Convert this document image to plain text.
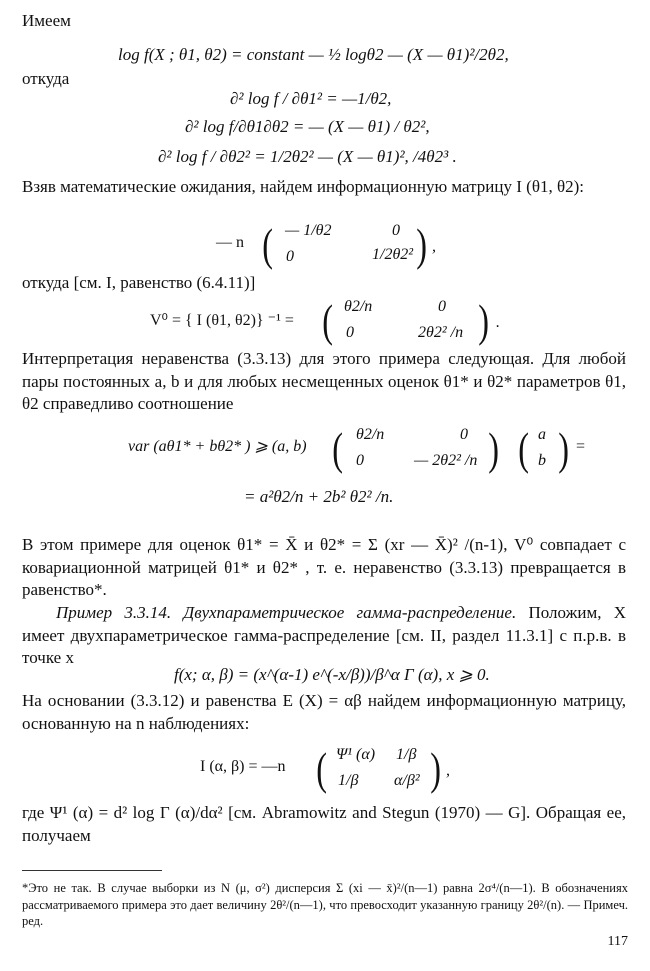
Имеем
log f(X ; θ1, θ2) = constant — ½ logθ2 — (X — θ1)²/2θ2,
откуда
∂² log f / ∂θ1² = —1/θ2,
∂² log f/∂θ1∂θ2 = — (X — θ1) / θ2²,
∂² log f / ∂θ2² = 1/2θ2² — (X — θ1)², /4θ2³ .
Взяв математические ожидания, найдем информационную матрицу I (θ1, θ2):
— n ( — 1/θ2	0
0	1/2θ2² ) ,
откуда [см. I, равенство (6.4.11)]
V⁰ = { I (θ1, θ2)} ⁻¹ = ( θ2/n	0
0	2θ2² /n ) .
Интерпретация неравенства (3.3.13) для этого примера следующая. Для любой пары постоянных a, b и для любых несмещенных оценок θ1* и θ2* параметров θ1, θ2 справедливо соотношение
var (aθ1* + bθ2* ) ⩾ (a, b) ( θ2/n	0
0	— 2θ2² /n ) ( a
b ) =
= a²θ2/n + 2b² θ2² /n.
В этом примере для оценок θ1* = X̄ и θ2* = Σ (xr — X̄)² /(n-1), V⁰ совпадает с ковариационной матрицей θ1* и θ2* , т. е. неравенство (3.3.13) превращается в равенство*.
Пример 3.3.14. Двухпараметрическое гамма-распределение. Положим, X имеет двухпараметрическое гамма-распределение [см. II, раздел 11.3.1] с п.р.в. в точке x
f(x; α, β) = (x^(α-1) e^(-x/β))/β^α Γ (α), x ⩾ 0.
На основании (3.3.12) и равенства E (X) = αβ найдем информационную матрицу, основанную на n наблюдениях:
I (α, β) = —n ( Ψ¹ (α) 1/β
1/β α/β² ) ,
где Ψ¹ (α) = d² log Γ (α)/dα² [см. Abramowitz and Stegun (1970) — G]. Обращая ее, получаем
*Это не так. В случае выборки из N (μ, σ²) дисперсия Σ (xi — x̄)²/(n—1) равна 2σ⁴/(n—1). В обозначениях рассматриваемого примера это дает величину 2θ²/(n—1), что превосходит указанную границу 2θ²/(n). — Примеч. ред.
117
